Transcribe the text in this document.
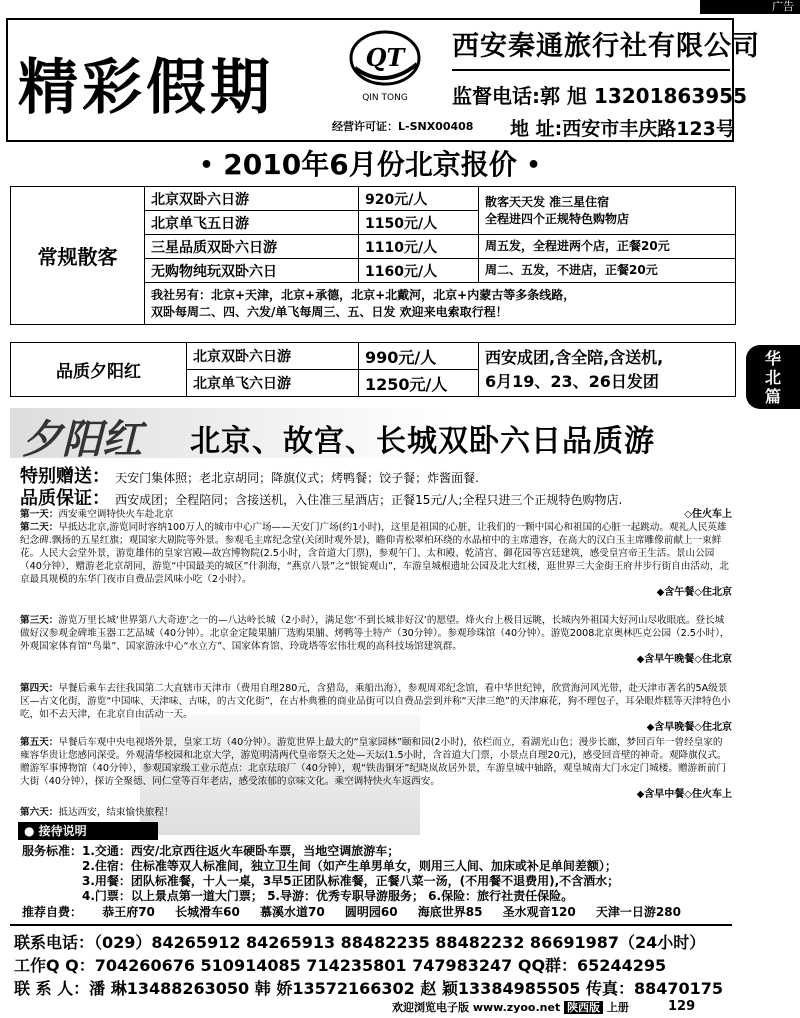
广告
精彩假期	QT
QIN TONG
西安秦通旅行社有限公司
监督电话:郭 旭 13201863955
经营许可证：L-SNX00408 地 址:西安市丰庆路123号
• 2010年6月份北京报价 •
常规散客	北京双卧六日游	920元/人	散客天天发 准三星住宿
全程进四个正规特色购物店

	北京单飞五日游	1150元/人	
	三星品质双卧六日游	1110元/人	周五发，全程进两个店，正餐20元
	无购物纯玩双卧六日	1160元/人	周二、五发，不进店，正餐20元

	我社另有：北京+天津，北京+承德，北京+北戴河，北京+内蒙古等多条线路，
双卧每周二、四、六发/单飞每周三、五、日发 欢迎来电索取行程！		
品质夕阳红	北京双卧六日游	990元/人	西安成团,含全陪,含送机,
6月19、23、26日发团

	北京单飞六日游	1250元/人	
华北篇
夕阳红 北京、故宫、长城双卧六日品质游
特别赠送： 天安门集体照；老北京胡同；降旗仪式；烤鸭餐；饺子餐；炸酱面餐.
品质保证： 西安成团；全程陪同；含接送机，入住准三星酒店；正餐15元/人;全程只进三个正规特色购物店.
第一天：西安乘空调特快火车赴北京	◇住火车上
第二天：早抵达北京,游览同时容纳100万人的城市中心广场——天安门广场(约1小时)，这里是祖国的心脏，让我们的一颗中国心和祖国的心脏一起跳动。观礼人民英雄纪念碑.飘扬的五星红旗；观国家大剧院等外景。参观毛主席纪念堂(关闭时观外景)，瞻仰青松翠柏环绕的水晶棺中的主席遗容，在高大的汉白玉主席雕像前献上一束鲜花。人民大会堂外景，游览雄伟的皇家宫殿—故宫博物院(2.5小时，含首道大门票)，参观午门、太和殿、乾清宫、御花园等宫廷建筑，感受皇宫帝王生活。景山公园（40分钟），赠游老北京胡同，游览“中国最美的城区”什刹海，“燕京八景”之“银锭观山”，车游皇城根遗址公园及北大红楼，逛世界三大金街王府井步行街自由活动，北京最具规模的东华门夜市自费品尝风味小吃（2小时）。
◆含午餐◇住北京
第三天：游览万里长城‘世界第八大奇迹’之一的—八达岭长城（2小时），满足您‘不到长城非好汉’的愿望。烽火台上极目远眺，长城内外祖国大好河山尽收眼底。登长城做好汉参观金碑堆玉器工艺品城（40分钟）。北京金定陵果脯厂选购果脯、烤鸭等土特产（30分钟）。参观珍珠馆（40分钟）。游览2008北京奥林匹克公园（2.5小时），外观国家体育馆“鸟巢”、国家游泳中心“水立方”、国家体育馆、玲珑塔等宏伟壮观的高科技场馆建筑群。
◆含早午晚餐◇住北京
第四天：早餐后乘车去往我国第二大直辖市天津市（费用自理280元，含猎岛，乘船出海），参观周邓纪念馆，看中华世纪钟，欣赏海河风光带，赴天津市著名的5A级景区—古文化街，游览“中国味、天津味、古味，的古文化街”，在古朴典雅的商业品街可以自费品尝到并称“天津三绝”的天津麻花，狗不理包子，耳朵眼炸糕等天津特色小吃，如不去天津，在北京自由活动一天。
◆含早晚餐◇住北京
第五天：早餐后车观中央电视塔外景，皇家工坊（40分钟）。游览世界上最大的“皇家园林”颐和园(2小时)，依栏而立，看湖光山色；漫步长廊，梦回百年一曾经皇家的雍容华贵让您感同深受。外观清华校园和北京大学，游览明清两代皇帝祭天之处—天坛(1.5小时，含首道大门票，小景点自理20元)，感受回音壁的神奇。观降旗仪式。赠游军事博物馆（40分钟），参观国家级工业示范点：北京珐琅厂（40分钟），观“铁齿铜牙”纪晓岚故居外景，车游皇城中轴路，观皇城南大门永定门城楼。赠游新前门大街（40分钟），探访全聚德、同仁堂等百年老店，感受浓郁的京味文化。乘空调特快火车返西安。
◆含早中餐◇住火车上
第六天：抵达西安，结束愉快旅程！
● 接待说明
服务标准：1.交通：西安/北京西往返火车硬卧车票，当地空调旅游车；
　　　　　2.住宿：住标准等双人标准间，独立卫生间（如产生单男单女，则用三人间、加床或补足单间差额）；
　　　　　3.用餐：团队标准餐，十人一桌，3早5正团队标准餐，正餐八菜一汤，(不用餐不退费用),不含酒水；
　　　　　4.门票：以上景点第一道大门票； 5.导游：优秀专职导游服务； 6.保险：旅行社责任保险。
推荐自费： 恭王府70 长城滑车60 慕溪水道70 圆明园60 海底世界85 圣水观音120 天津一日游280
联系电话：（029）84265912 84265913 88482235 88482232 86691987（24小时）
工作Q Q：704260676 510914085 714235801 747983247 QQ群：65244295
联 系 人：潘 琳13488263050 韩 娇13572166302 赵 颖13384985505 传真：88470175
欢迎浏览电子版 www.zyoo.net 陕西版 上册	129
